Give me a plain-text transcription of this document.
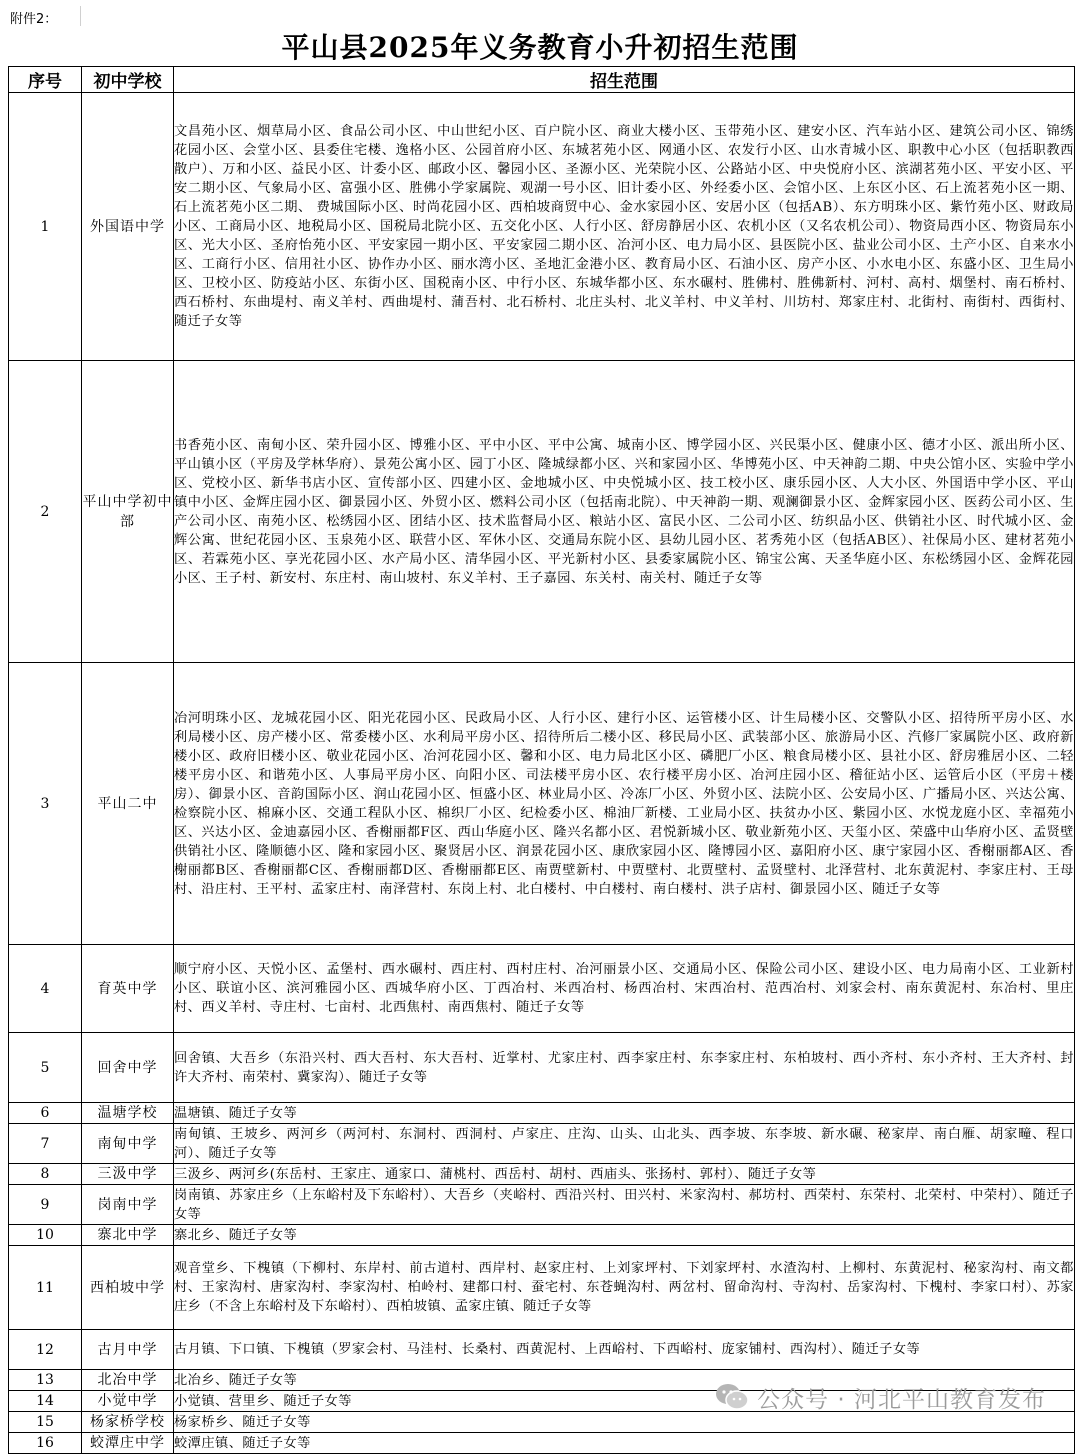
附件2：
平山县2025年义务教育小升初招生范围
序号	初中学校	招生范围
1	外国语中学	文昌苑小区、烟草局小区、食品公司小区、中山世纪小区、百户院小区、商业大楼小区、玉带苑小区、建安小区、汽车站小区、建筑公司小区、锦绣花园小区、会堂小区、县委住宅楼、逸格小区、公园首府小区、东城茗苑小区、网通小区、农发行小区、山水青城小区、职教中心小区（包括职教西散户）、万和小区、益民小区、计委小区、邮政小区、馨园小区、圣源小区、光荣院小区、公路站小区、中央悦府小区、滨湖茗苑小区、平安小区、平安二期小区、气象局小区、富强小区、胜佛小学家属院、观湖一号小区、旧计委小区、外经委小区、会馆小区、上东区小区、石上流茗苑小区一期、石上流茗苑小区二期、 费城国际小区、时尚花园小区、西柏坡商贸中心、金水家园小区、安居小区（包括AB）、东方明珠小区、紫竹苑小区、财政局小区、工商局小区、地税局小区、国税局北院小区、五交化小区、人行小区、舒房静居小区、农机小区（又名农机公司）、物资局西小区、物资局东小区、光大小区、圣府怡苑小区、平安家园一期小区、平安家园二期小区、冶河小区、电力局小区、县医院小区、盐业公司小区、土产小区、自来水小区、工商行小区、信用社小区、协作办小区、丽水湾小区、圣地汇金港小区、教育局小区、石油小区、房产小区、小水电小区、东盛小区、卫生局小区、卫校小区、防疫站小区、东街小区、国税南小区、中行小区、东城华都小区、东水碾村、胜佛村、胜佛新村、河村、高村、烟堡村、南石桥村、西石桥村、东曲堤村、南义羊村、西曲堤村、蒲吾村、北石桥村、北庄头村、北义羊村、中义羊村、川坊村、郑家庄村、北街村、南街村、西街村、随迁子女等
2	平山中学初中部	书香苑小区、南甸小区、荣升园小区、博雅小区、平中小区、平中公寓、城南小区、博学园小区、兴民渠小区、健康小区、德才小区、派出所小区、平山镇小区（平房及学林华府）、景苑公寓小区、园丁小区、隆城绿都小区、兴和家园小区、华博苑小区、中天神韵二期、中央公馆小区、实验中学小区、党校小区、新华书店小区、宣传部小区、四建小区、金地城小区、中央悦城小区、技工校小区、康乐园小区、人大小区、外国语中学小区、平山镇中小区、金辉庄园小区、御景园小区、外贸小区、燃料公司小区（包括南北院）、中天神韵一期、观澜御景小区、金辉家园小区、医药公司小区、生产公司小区、南苑小区、松绣园小区、团结小区、技术监督局小区、粮站小区、富民小区、二公司小区、纺织品小区、供销社小区、时代城小区、金辉公寓、世纪花园小区、玉泉苑小区、联营小区、军休小区、交通局东院小区、县幼儿园小区、茗秀苑小区（包括AB区）、社保局小区、建材茗苑小区、若霖苑小区、享光花园小区、水产局小区、清华园小区、平光新村小区、县委家属院小区、锦宝公寓、天圣华庭小区、东松绣园小区、金辉花园小区、王子村、新安村、东庄村、南山坡村、东义羊村、王子嘉园、东关村、南关村、随迁子女等
3	平山二中	冶河明珠小区、龙城花园小区、阳光花园小区、民政局小区、人行小区、建行小区、运管楼小区、计生局楼小区、交警队小区、招待所平房小区、水利局楼小区、房产楼小区、常委楼小区、水利局平房小区、招待所后二楼小区、移民局小区、武装部小区、旅游局小区、汽修厂家属院小区、政府新楼小区、政府旧楼小区、敬业花园小区、冶河花园小区、馨和小区、电力局北区小区、磷肥厂小区、粮食局楼小区、县社小区、舒房雅居小区、二轻楼平房小区、和谐苑小区、人事局平房小区、向阳小区、司法楼平房小区、农行楼平房小区、冶河庄园小区、稽征站小区、运管后小区（平房＋楼房）、御景小区、音韵国际小区、润山花园小区、恒盛小区、林业局小区、冷冻厂小区、外贸小区、法院小区、公安局小区、广播局小区、兴达公寓、检察院小区、棉麻小区、交通工程队小区、棉织厂小区、纪检委小区、棉油厂新楼、工业局小区、扶贫办小区、紫园小区、水悦龙庭小区、幸福苑小区、兴达小区、金迪嘉园小区、香榭丽都F区、西山华庭小区、隆兴名都小区、君悦新城小区、敬业新苑小区、天玺小区、荣盛中山华府小区、孟贤壁供销社小区、隆顺德小区、隆和家园小区、聚贤居小区、润景花园小区、康欣家园小区、隆博园小区、嘉阳府小区、康宁家园小区、香榭丽都A区、香榭丽都B区、香榭丽都C区、香榭丽都D区、香榭丽都E区、南贾壁新村、中贾壁村、北贾壁村、孟贤壁村、北泽营村、北东黄泥村、李家庄村、王母村、沿庄村、王平村、孟家庄村、南泽营村、东岗上村、北白楼村、中白楼村、南白楼村、洪子店村、御景园小区、随迁子女等
4	育英中学	顺宁府小区、天悦小区、孟堡村、西水碾村、西庄村、西村庄村、冶河丽景小区、交通局小区、保险公司小区、建设小区、电力局南小区、工业新村小区、联谊小区、滨河雅园小区、西城华府小区、丁西冶村、米西冶村、杨西冶村、宋西冶村、范西冶村、刘家会村、南东黄泥村、东冶村、里庄村、西义羊村、寺庄村、七亩村、北西焦村、南西焦村、随迁子女等
5	回舍中学	回舍镇、大吾乡（东沿兴村、西大吾村、东大吾村、近掌村、尤家庄村、西李家庄村、东李家庄村、东柏坡村、西小齐村、东小齐村、王大齐村、封许大齐村、南荣村、冀家沟）、随迁子女等
6	温塘学校	温塘镇、随迁子女等
7	南甸中学	南甸镇、王坡乡、两河乡（两河村、东洞村、西洞村、卢家庄、庄沟、山头、山北头、西李坡、东李坡、新水碾、秘家岸、南白雁、胡家疃、程口河）、随迁子女等
8	三汲中学	三汲乡、两河乡(东岳村、王家庄、通家口、蒲桃村、西岳村、胡村、西庙头、张扬村、郭村）、随迁子女等
9	岗南中学	岗南镇、苏家庄乡（上东峪村及下东峪村）、大吾乡（夹峪村、西沿兴村、田兴村、米家沟村、郝坊村、西荣村、东荣村、北荣村、中荣村）、随迁子女等
10	寨北中学	寨北乡、随迁子女等
11	西柏坡中学	观音堂乡、下槐镇（下柳村、东岸村、前古道村、西岸村、赵家庄村、上刘家坪村、下刘家坪村、水渣沟村、上柳村、东黄泥村、秘家沟村、南文都村、王家沟村、唐家沟村、李家沟村、柏岭村、建都口村、蚕宅村、东苍蝇沟村、两岔村、留命沟村、寺沟村、岳家沟村、下槐村、李家口村）、苏家庄乡（不含上东峪村及下东峪村）、西柏坡镇、孟家庄镇、随迁子女等
12	古月中学	古月镇、下口镇、下槐镇（罗家会村、马洼村、长桑村、西黄泥村、上西峪村、下西峪村、庞家铺村、西沟村）、随迁子女等
13	北冶中学	北冶乡、随迁子女等
14	小觉中学	小觉镇、营里乡、随迁子女等
15	杨家桥学校	杨家桥乡、随迁子女等
16	蛟潭庄中学	蛟潭庄镇、随迁子女等
公众号 · 河北平山教育发布
